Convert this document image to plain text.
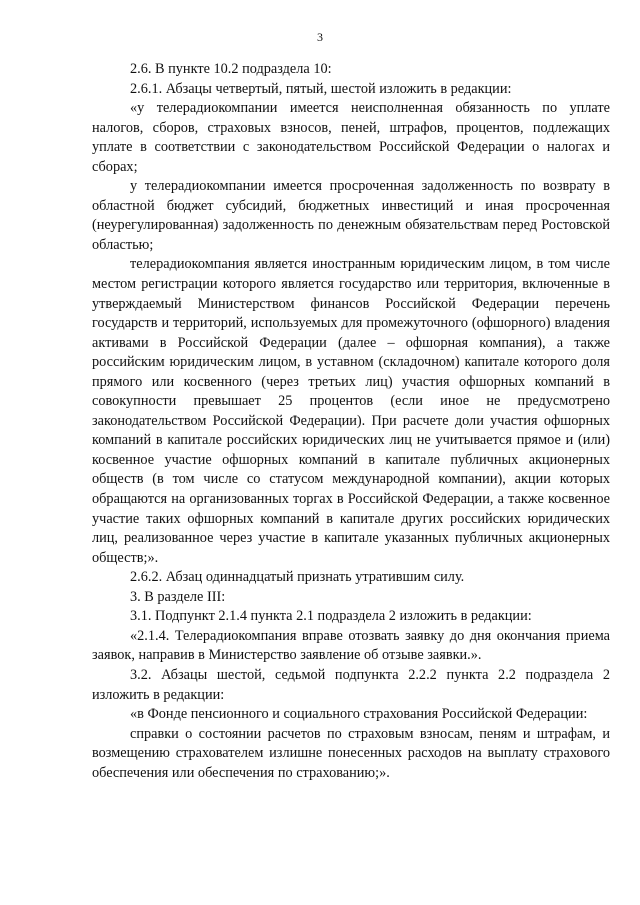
3

2.6. В пункте 10.2 подраздела 10:

2.6.1. Абзацы четвертый, пятый, шестой изложить в редакции:

«у телерадиокомпании имеется неисполненная обязанность по уплате налогов, сборов, страховых взносов, пеней, штрафов, процентов, подлежащих уплате в соответствии с законодательством Российской Федерации о налогах и сборах;

у телерадиокомпании имеется просроченная задолженность по возврату в областной бюджет субсидий, бюджетных инвестиций и иная просроченная (неурегулированная) задолженность по денежным обязательствам перед Ростовской областью;

телерадиокомпания является иностранным юридическим лицом, в том числе местом регистрации которого является государство или территория, включенные в утверждаемый Министерством финансов Российской Федерации перечень государств и территорий, используемых для промежуточного (офшорного) владения активами в Российской Федерации (далее – офшорная компания), а также российским юридическим лицом, в уставном (складочном) капитале которого доля прямого или косвенного (через третьих лиц) участия офшорных компаний в совокупности превышает 25 процентов (если иное не предусмотрено законодательством Российской Федерации). При расчете доли участия офшорных компаний в капитале российских юридических лиц не учитывается прямое и (или) косвенное участие офшорных компаний в капитале публичных акционерных обществ (в том числе со статусом международной компании), акции которых обращаются на организованных торгах в Российской Федерации, а также косвенное участие таких офшорных компаний в капитале других российских юридических лиц, реализованное через участие в капитале указанных публичных акционерных обществ;».

2.6.2. Абзац одиннадцатый признать утратившим силу.

3. В разделе III:

3.1. Подпункт 2.1.4 пункта 2.1 подраздела 2 изложить в редакции:

«2.1.4. Телерадиокомпания вправе отозвать заявку до дня окончания приема заявок, направив в Министерство заявление об отзыве заявки.».

3.2. Абзацы шестой, седьмой подпункта 2.2.2 пункта 2.2 подраздела 2 изложить в редакции:

«в Фонде пенсионного и социального страхования Российской Федерации:

справки о состоянии расчетов по страховым взносам, пеням и штрафам, и возмещению страхователем излишне понесенных расходов на выплату страхового обеспечения или обеспечения по страхованию;».
